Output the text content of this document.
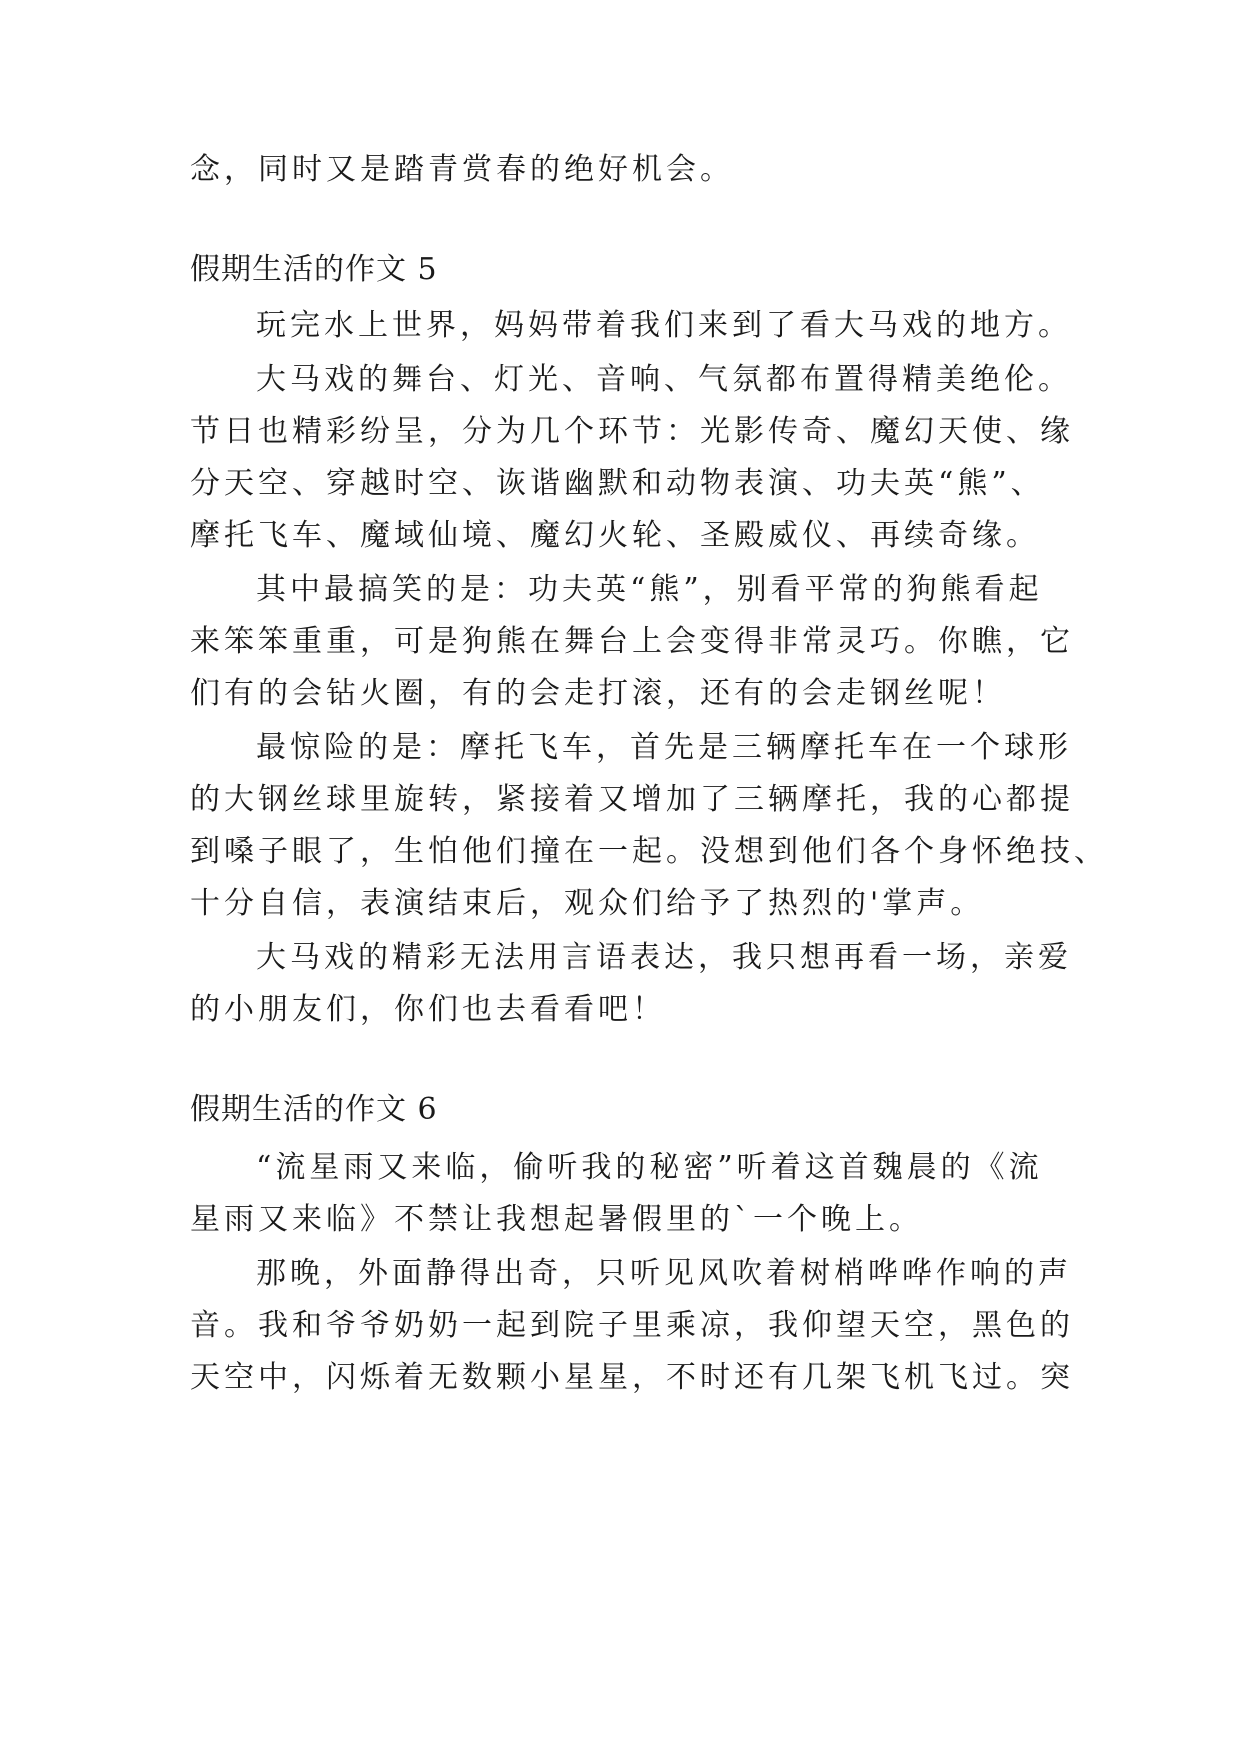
念，同时又是踏青赏春的绝好机会。
假期生活的作文 5
玩完水上世界，妈妈带着我们来到了看大马戏的地方。
大马戏的舞台、灯光、音响、气氛都布置得精美绝伦。
节日也精彩纷呈，分为几个环节：光影传奇、魔幻天使、缘
分天空、穿越时空、诙谐幽默和动物表演、功夫英“熊”、
摩托飞车、魔域仙境、魔幻火轮、圣殿威仪、再续奇缘。
其中最搞笑的是：功夫英“熊”，别看平常的狗熊看起
来笨笨重重，可是狗熊在舞台上会变得非常灵巧。你瞧，它
们有的会钻火圈，有的会走打滚，还有的会走钢丝呢！
最惊险的是：摩托飞车，首先是三辆摩托车在一个球形
的大钢丝球里旋转，紧接着又增加了三辆摩托，我的心都提
到嗓子眼了，生怕他们撞在一起。没想到他们各个身怀绝技、
十分自信，表演结束后，观众们给予了热烈的'掌声。
大马戏的精彩无法用言语表达，我只想再看一场，亲爱
的小朋友们，你们也去看看吧！
假期生活的作文 6
“流星雨又来临，偷听我的秘密”听着这首魏晨的《流
星雨又来临》不禁让我想起暑假里的`一个晚上。
那晚，外面静得出奇，只听见风吹着树梢哗哗作响的声
音。我和爷爷奶奶一起到院子里乘凉，我仰望天空，黑色的
天空中，闪烁着无数颗小星星，不时还有几架飞机飞过。突
